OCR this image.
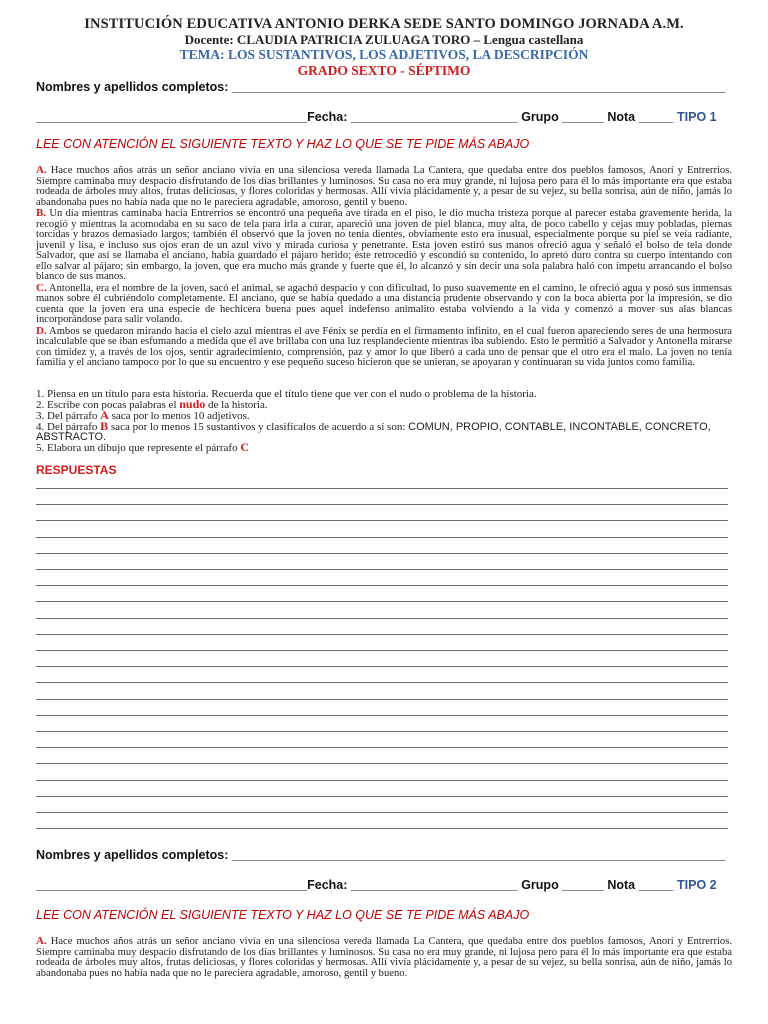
INSTITUCIÓN EDUCATIVA ANTONIO DERKA SEDE SANTO DOMINGO JORNADA A.M.
Docente: CLAUDIA PATRICIA ZULUAGA TORO – Lengua castellana
TEMA: LOS SUSTANTIVOS, LOS ADJETIVOS, LA DESCRIPCIÓN
GRADO SEXTO - SÉPTIMO
Nombres y apellidos completos: _______________________________________________________________________
_______________________________________Fecha: ________________________ Grupo ______ Nota _____ TIPO 1
LEE CON ATENCIÓN EL SIGUIENTE TEXTO Y HAZ LO QUE SE TE PIDE MÁS ABAJO
A. Hace muchos años atrás un señor anciano vivía en una silenciosa vereda llamada La Cantera, que quedaba entre dos pueblos famosos, Anorí y Entrerrios. Siempre caminaba muy despacio disfrutando de los días brillantes y luminosos. Su casa no era muy grande, ni lujosa pero para él lo más importante era que estaba rodeada de árboles muy altos, frutas deliciosas, y flores coloridas y hermosas. Allí vivía plácidamente y, a pesar de su vejez, su bella sonrisa, aún de niño, jamás lo abandonaba pues no había nada que no le pareciera agradable, amoroso, gentil y bueno.
B. Un día mientras caminaba hacia Entrerrios se encontró una pequeña ave tirada en el piso, le dio mucha tristeza porque al parecer estaba gravemente herida, la recogió y mientras la acomodaba en su saco de tela para irla a curar, apareció una joven de piel blanca, muy alta, de poco cabello y cejas muy pobladas, piernas torcidas y brazos demasiado largos; también él observó que la joven no tenía dientes, obviamente esto era inusual, especialmente porque su piel se veía radiante, juvenil y lisa, e incluso sus ojos eran de un azul vivo y mirada curiosa y penetrante. Esta joven estiró sus manos ofreció agua y señaló el bolso de tela donde Salvador, que así se llamaba el anciano, había guardado el pájaro herido; éste retrocedió y escondió su contenido, lo apretó duro contra su cuerpo intentando con ello salvar al pájaro; sin embargo, la joven, que era mucho más grande y fuerte que él, lo alcanzó y sin decir una sola palabra haló con ímpetu arrancando el bolso blanco de sus manos.
C. Antonella, era el nombre de la joven, sacó el animal, se agachó despacio y con dificultad, lo puso suavemente en el camino, le ofreció agua y posó sus inmensas manos sobre él cubriéndolo completamente. El anciano, que se había quedado a una distancia prudente observando y con la boca abierta por la impresión, se dio cuenta que la joven era una especie de hechicera buena pues aquel indefenso animalito estaba volviendo a la vida y comenzó a mover sus alas blancas incorporándose para salir volando.
D. Ambos se quedaron mirando hacia el cielo azul mientras el ave Fénix se perdía en el firmamento infinito, en el cual fueron apareciendo seres de una hermosura incalculable que se iban esfumando a medida que el ave brillaba con una luz resplandeciente mientras iba subiendo. Esto le permitió a Salvador y Antonella mirarse con timidez y, a través de los ojos, sentir agradecimiento, comprensión, paz y amor lo que liberó a cada uno de pensar que el otro era el malo. La joven no tenía familia y el anciano tampoco por lo que su encuentro y ese pequeño suceso hicieron que se unieran, se apoyaran y continuaran su vida juntos como familia.
1. Piensa en un título para esta historia. Recuerda que el título tiene que ver con el nudo o problema de la historia.
2. Escribe con pocas palabras el nudo de la historia.
3. Del párrafo A saca por lo menos 10 adjetivos.
4. Del párrafo B saca por lo menos 15 sustantivos y clasifícalos de acuerdo a sí son: COMUN, PROPIO, CONTABLE, INCONTABLE, CONCRETO, ABSTRACTO.
5. Elabora un dibujo que represente el párrafo C
RESPUESTAS
Nombres y apellidos completos: _______________________________________________________________________
_______________________________________Fecha: ________________________ Grupo ______ Nota _____ TIPO 2
LEE CON ATENCIÓN EL SIGUIENTE TEXTO Y HAZ LO QUE SE TE PIDE MÁS ABAJO
A. Hace muchos años atrás un señor anciano vivía en una silenciosa vereda llamada La Cantera, que quedaba entre dos pueblos famosos, Anorí y Entrerrios. Siempre caminaba muy despacio disfrutando de los días brillantes y luminosos. Su casa no era muy grande, ni lujosa pero para él lo más importante era que estaba rodeada de árboles muy altos, frutas deliciosas, y flores coloridas y hermosas. Allí vivía plácidamente y, a pesar de su vejez, su bella sonrisa, aún de niño, jamás lo abandonaba pues no había nada que no le pareciera agradable, amoroso, gentil y bueno.
